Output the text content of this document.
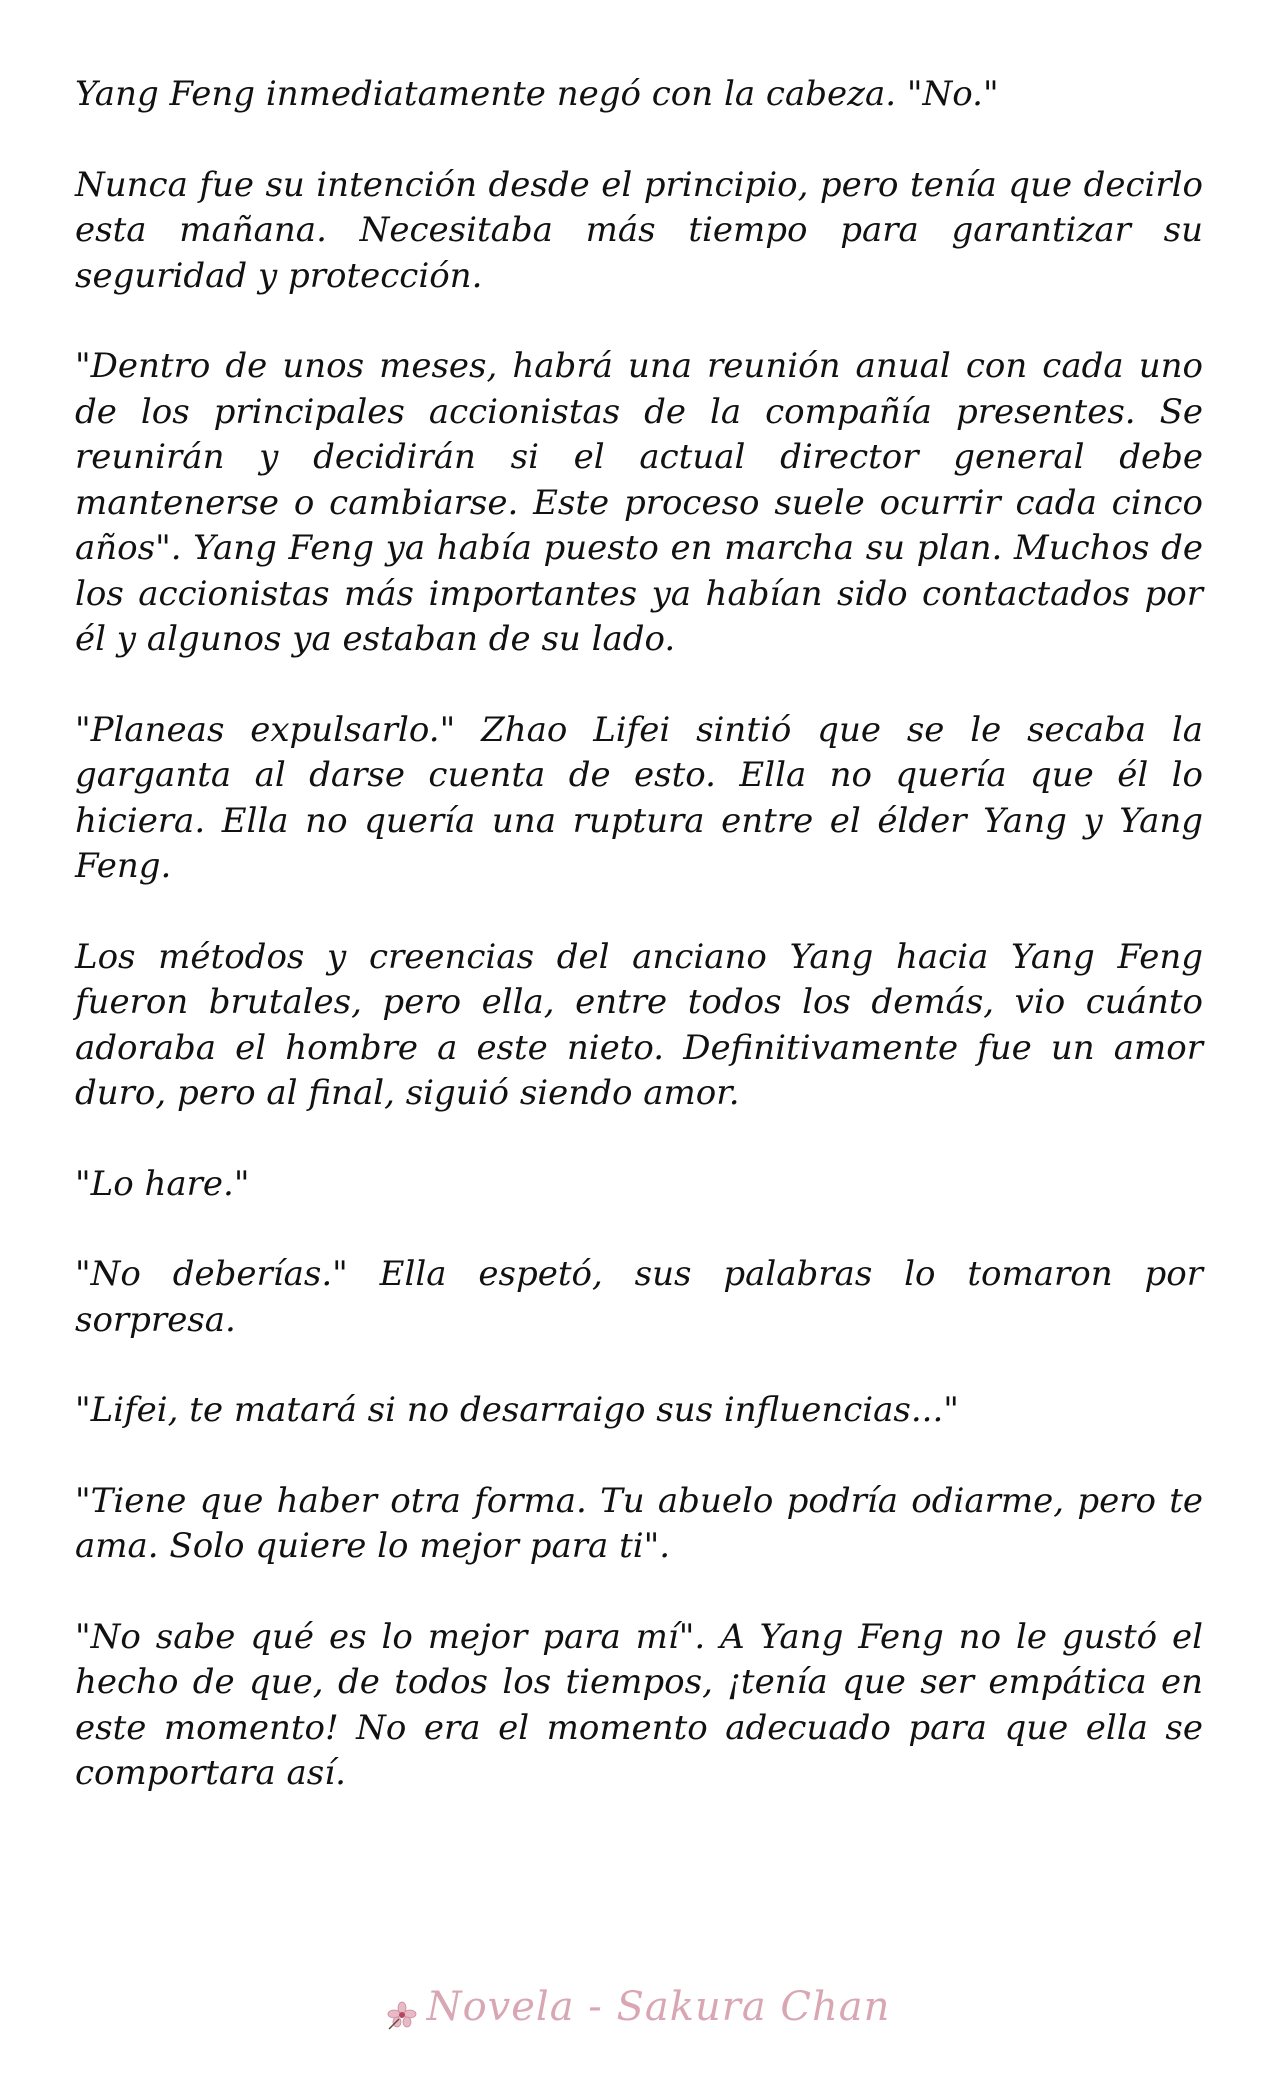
Yang Feng inmediatamente negó con la cabeza. "No."

Nunca fue su intención desde el principio, pero tenía que decirlo esta mañana. Necesitaba más tiempo para garantizar su seguridad y protección.

"Dentro de unos meses, habrá una reunión anual con cada uno de los principales accionistas de la compañía presentes. Se reunirán y decidirán si el actual director general debe mantenerse o cambiarse. Este proceso suele ocurrir cada cinco años". Yang Feng ya había puesto en marcha su plan. Muchos de los accionistas más importantes ya habían sido contactados por él y algunos ya estaban de su lado.

"Planeas expulsarlo." Zhao Lifei sintió que se le secaba la garganta al darse cuenta de esto. Ella no quería que él lo hiciera. Ella no quería una ruptura entre el élder Yang y Yang Feng.

Los métodos y creencias del anciano Yang hacia Yang Feng fueron brutales, pero ella, entre todos los demás, vio cuánto adoraba el hombre a este nieto. Definitivamente fue un amor duro, pero al final, siguió siendo amor.

"Lo hare."

"No deberías." Ella espetó, sus palabras lo tomaron por sorpresa.

"Lifei, te matará si no desarraigo sus influencias..."

"Tiene que haber otra forma. Tu abuelo podría odiarme, pero te ama. Solo quiere lo mejor para ti".

"No sabe qué es lo mejor para mí". A Yang Feng no le gustó el hecho de que, de todos los tiempos, ¡tenía que ser empática en este momento! No era el momento adecuado para que ella se comportara así.

Novela - Sakura Chan
